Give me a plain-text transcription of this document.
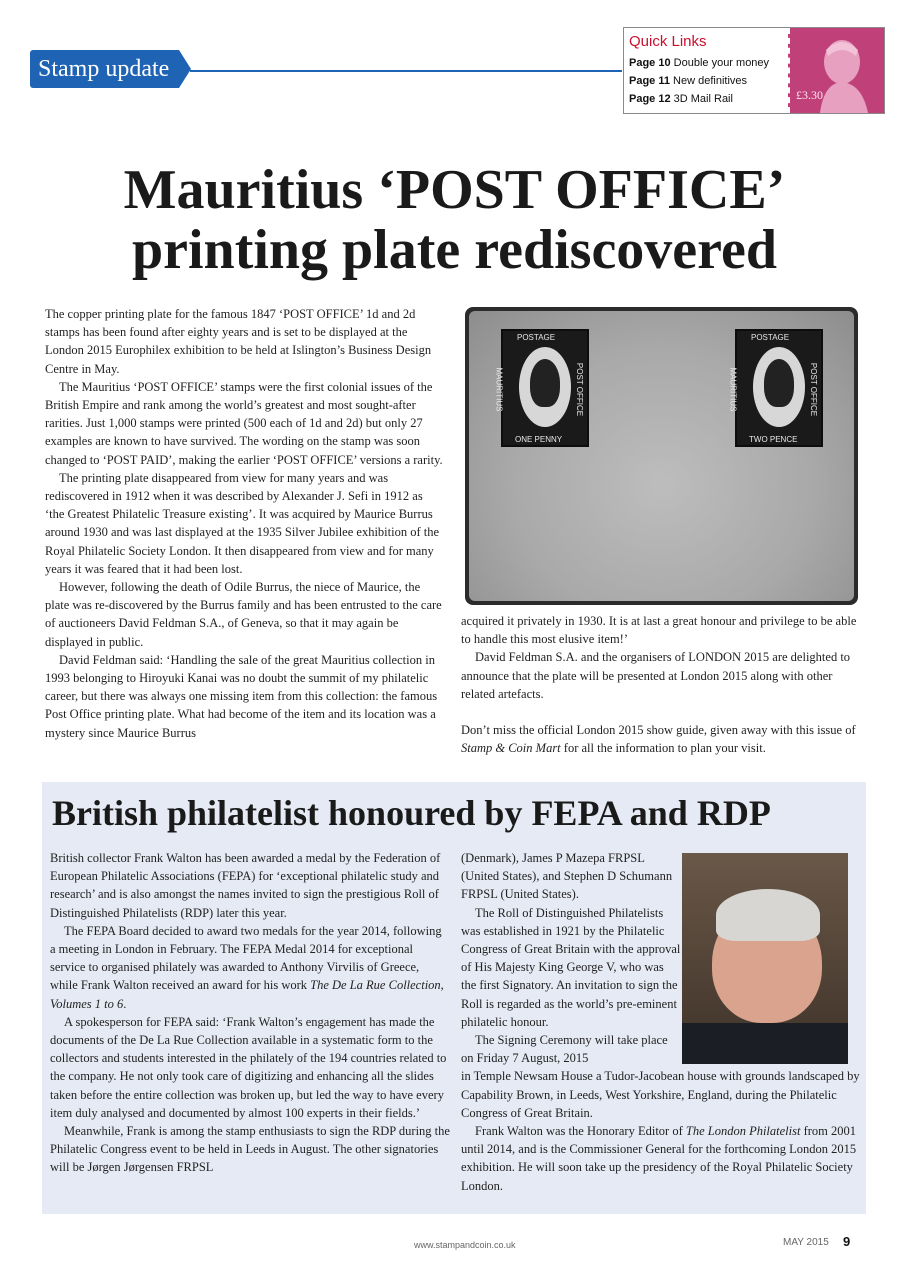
Stamp update
Quick Links
Page 10 Double your money
Page 11 New definitives
Page 12 3D Mail Rail	£3.30
Mauritius ‘POST OFFICE’
printing plate rediscovered

The copper printing plate for the famous 1847 ‘POST OFFICE’ 1d and 2d stamps has been found after eighty years and is set to be displayed at the London 2015 Europhilex exhibition to be held at Islington’s Business Design Centre in May.

The Mauritius ‘POST OFFICE’ stamps were the first colonial issues of the British Empire and rank among the world’s greatest and most sought-after rarities. Just 1,000 stamps were printed (500 each of 1d and 2d) but only 27 examples are known to have survived. The wording on the stamp was soon changed to ‘POST PAID’, making the earlier ‘POST OFFICE’ versions a rarity.

The printing plate disappeared from view for many years and was rediscovered in 1912 when it was described by Alexander J. Sefi in 1912 as ‘the Greatest Philatelic Treasure existing’. It was acquired by Maurice Burrus around 1930 and was last displayed at the 1935 Silver Jubilee exhibition of the Royal Philatelic Society London. It then disappeared from view and for many years it was feared that it had been lost.

However, following the death of Odile Burrus, the niece of Maurice, the plate was re-discovered by the Burrus family and has been entrusted to the care of auctioneers David Feldman S.A., of Geneva, so that it may again be displayed in public.

David Feldman said: ‘Handling the sale of the great Mauritius collection in 1993 belonging to Hiroyuki Kanai was no doubt the summit of my philatelic career, but there was always one missing item from this collection: the famous Post Office printing plate. What had become of the item and its location was a mystery since Maurice Burrus

POSTAGE
ONE PENNY
MAURITIUS	POST OFFICE
POSTAGE
TWO PENCE
MAURITIUS	POST OFFICE

acquired it privately in 1930. It is at last a great honour and privilege to be able to handle this most elusive item!’

David Feldman S.A. and the organisers of LONDON 2015 are delighted to announce that the plate will be presented at London 2015 along with other related artefacts.

Don’t miss the official London 2015 show guide, given away with this issue of Stamp & Coin Mart for all the information to plan your visit.

British philatelist honoured by FEPA and RDP

British collector Frank Walton has been awarded a medal by the Federation of European Philatelic Associations (FEPA) for ‘exceptional philatelic study and research’ and is also amongst the names invited to sign the prestigious Roll of Distinguished Philatelists (RDP) later this year.

The FEPA Board decided to award two medals for the year 2014, following a meeting in London in February. The FEPA Medal 2014 for exceptional service to organised philately was awarded to Anthony Virvilis of Greece, while Frank Walton received an award for his work The De La Rue Collection, Volumes 1 to 6.

A spokesperson for FEPA said: ‘Frank Walton’s engagement has made the documents of the De La Rue Collection available in a systematic form to the collectors and students interested in the philately of the 194 countries related to the company. He not only took care of digitizing and enhancing all the slides taken before the entire collection was broken up, but led the way to have every item duly analysed and documented by almost 100 experts in their fields.’

Meanwhile, Frank is among the stamp enthusiasts to sign the RDP during the Philatelic Congress event to be held in Leeds in August. The other signatories will be Jørgen Jørgensen FRPSL

(Denmark), James P Mazepa FRPSL (United States), and Stephen D Schumann FRPSL (United States).

The Roll of Distinguished Philatelists was established in 1921 by the Philatelic Congress of Great Britain with the approval of His Majesty King George V, who was the first Signatory. An invitation to sign the Roll is regarded as the world’s pre-eminent philatelic honour.

The Signing Ceremony will take place on Friday 7 August, 2015

in Temple Newsam House a Tudor-Jacobean house with grounds landscaped by Capability Brown, in Leeds, West Yorkshire, England, during the Philatelic Congress of Great Britain.

Frank Walton was the Honorary Editor of The London Philatelist from 2001 until 2014, and is the Commissioner General for the forthcoming London 2015 exhibition. He will soon take up the presidency of the Royal Philatelic Society London.

www.stampandcoin.co.uk	MAY 2015 9
